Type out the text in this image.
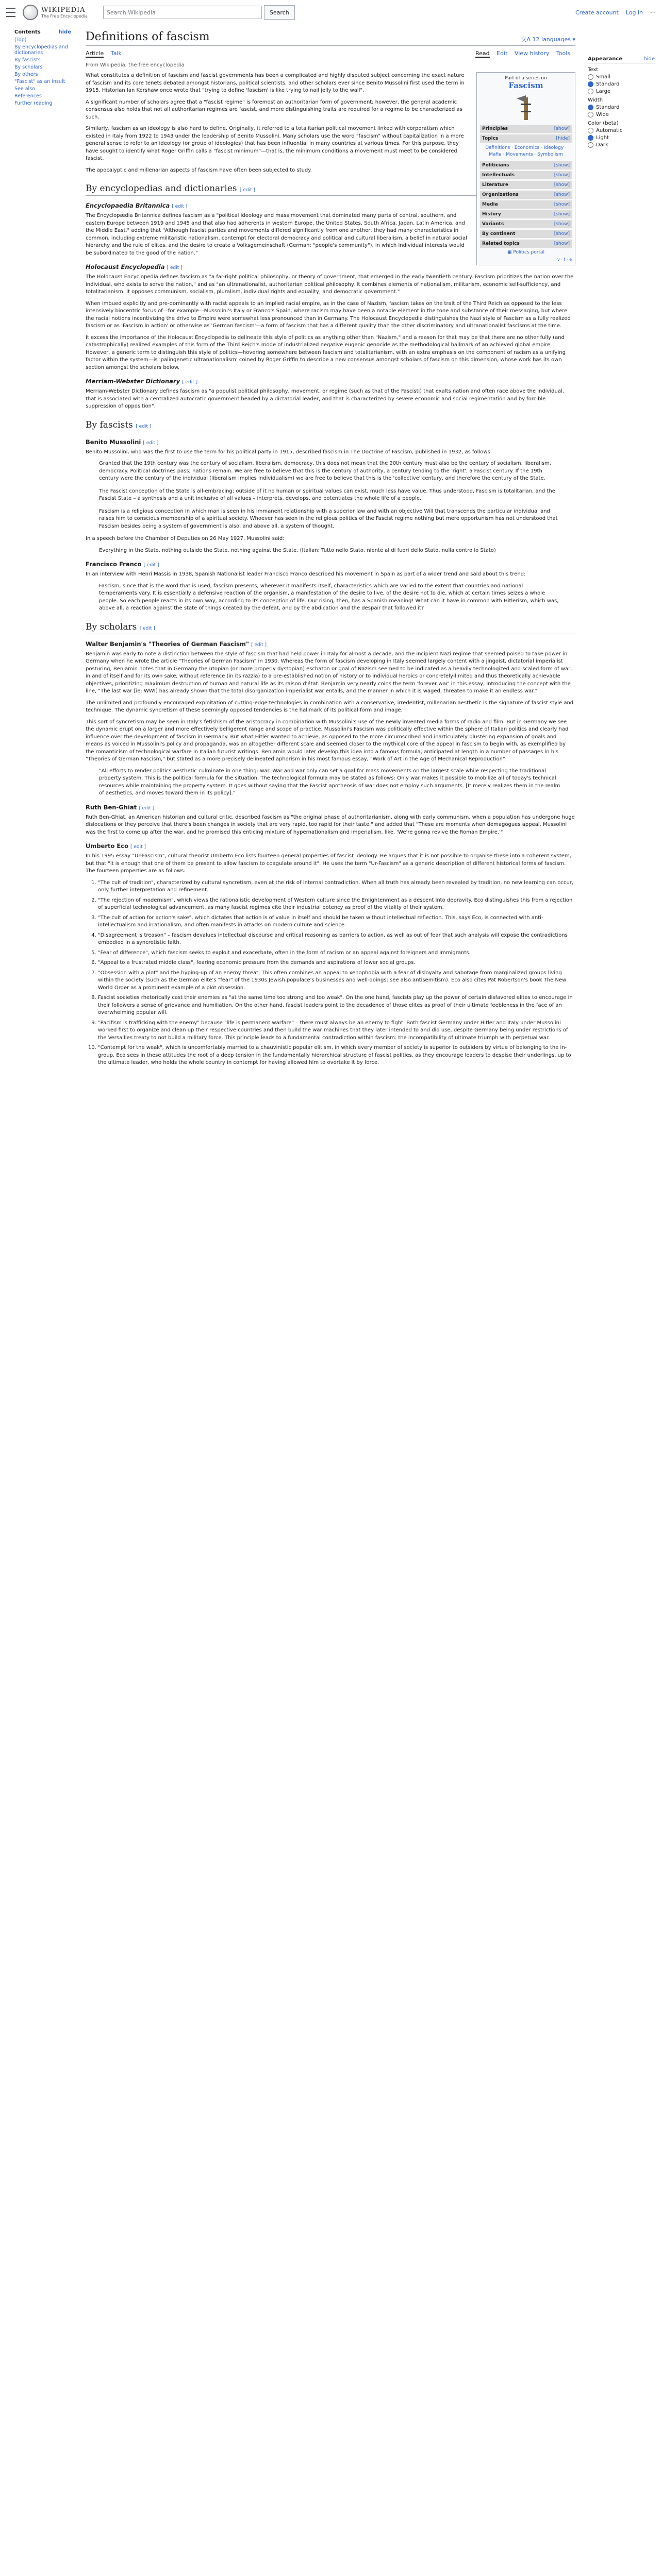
WIKIPEDIA
The Free Encyclopedia
Search Wikipedia	Search	Create account Log in ⋯
Contents	hide
(Top)
By encyclopedias and dictionaries
By fascists
By scholars
By others
"Fascist" as an insult
See also
References
Further reading
Definitions of fascism	文A 12 languages ▾
Article Talk	Read Edit View history Tools
From Wikipedia, the free encyclopedia
Part of a series on
Fascism
Principles	[show]
Topics	[hide]
Definitions · Economics · Ideology · Mafia · Movements · Symbolism
Politicians	[show]
Intellectuals	[show]
Literature	[show]
Organizations	[show]
Media	[show]
History	[show]
Variants	[show]
By continent	[show]
Related topics	[show]
▣ Politics portal
v · t · e

What constitutes a definition of fascism and fascist governments has been a complicated and highly disputed subject concerning the exact nature of fascism and its core tenets debated amongst historians, political scientists, and other scholars ever since Benito Mussolini first used the term in 1915. Historian Ian Kershaw once wrote that "trying to define 'fascism' is like trying to nail jelly to the wall".

A significant number of scholars agree that a "fascist regime" is foremost an authoritarian form of government; however, the general academic consensus also holds that not all authoritarian regimes are fascist, and more distinguishing traits are required for a regime to be characterized as such.

Similarly, fascism as an ideology is also hard to define. Originally, it referred to a totalitarian political movement linked with corporatism which existed in Italy from 1922 to 1943 under the leadership of Benito Mussolini. Many scholars use the word "fascism" without capitalization in a more general sense to refer to an ideology (or group of ideologies) that has been influential in many countries at various times. For this purpose, they have sought to identify what Roger Griffin calls a "fascist minimum"—that is, the minimum conditions a movement must meet to be considered fascist.

The apocalyptic and millenarian aspects of fascism have often been subjected to study.

By encyclopedias and dictionaries [ edit ]
Encyclopaedia Britannica [ edit ]

The Encyclopædia Britannica defines fascism as a "political ideology and mass movement that dominated many parts of central, southern, and eastern Europe between 1919 and 1945 and that also had adherents in western Europe, the United States, South Africa, Japan, Latin America, and the Middle East," adding that "Although fascist parties and movements differed significantly from one another, they had many characteristics in common, including extreme militaristic nationalism, contempt for electoral democracy and political and cultural liberalism, a belief in natural social hierarchy and the rule of elites, and the desire to create a Volksgemeinschaft (German: "people's community"), in which individual interests would be subordinated to the good of the nation."

Holocaust Encyclopedia [ edit ]

The Holocaust Encyclopedia defines fascism as "a far-right political philosophy, or theory of government, that emerged in the early twentieth century. Fascism prioritizes the nation over the individual, who exists to serve the nation," and as "an ultranationalist, authoritarian political philosophy. It combines elements of nationalism, militarism, economic self-sufficiency, and totalitarianism. It opposes communism, socialism, pluralism, individual rights and equality, and democratic government."

When imbued explicitly and pre-dominantly with racist appeals to an implied racial empire, as in the case of Nazism, fascism takes on the trait of the Third Reich as opposed to the less intensively biocentric focus of—for example—Mussolini's Italy or Franco's Spain, where racism may have been a notable element in the tone and substance of their messaging, but where the racial notions incentivizing the drive to Empire were somewhat less pronounced than in Germany. The Holocaust Encyclopedia distinguishes the Nazi style of Fascism as a fully realized fascism or as 'Fascism in action' or otherwise as 'German fascism'—a form of fascism that has a different quality than the other discriminatory and ultranationalist fascisms at the time.

It excess the importance of the Holocaust Encyclopedia to delineate this style of politics as anything other than "Nazism," and a reason for that may be that there are no other fully (and catastrophically) realized examples of this form of the Third Reich's mode of industrialized negative eugenic genocide as the methodological hallmark of an achieved global empire. However, a generic term to distinguish this style of politics—hovering somewhere between fascism and totalitarianism, with an extra emphasis on the component of racism as a unifying factor within the system—is 'palingenetic ultranationalism' coined by Roger Griffin to describe a new consensus amongst scholars of fascism on this dimension, whose work has its own section amongst the scholars below.

Merriam-Webster Dictionary [ edit ]

Merriam-Webster Dictionary defines fascism as "a populist political philosophy, movement, or regime (such as that of the Fascisti) that exalts nation and often race above the individual, that is associated with a centralized autocratic government headed by a dictatorial leader, and that is characterized by severe economic and social regimentation and by forcible suppression of opposition".

By fascists [ edit ]
Benito Mussolini [ edit ]

Benito Mussolini, who was the first to use the term for his political party in 1915, described fascism in The Doctrine of Fascism, published in 1932, as follows:

Granted that the 19th century was the century of socialism, liberalism, democracy, this does not mean that the 20th century must also be the century of socialism, liberalism, democracy. Political doctrines pass; nations remain. We are free to believe that this is the century of authority, a century tending to the 'right', a Fascist century. If the 19th century were the century of the individual (liberalism implies individualism) we are free to believe that this is the 'collective' century, and therefore the century of the State.
The Fascist conception of the State is all-embracing; outside of it no human or spiritual values can exist, much less have value. Thus understood, Fascism is totalitarian, and the Fascist State – a synthesis and a unit inclusive of all values – interprets, develops, and potentiates the whole life of a people.
Fascism is a religious conception in which man is seen in his immanent relationship with a superior law and with an objective Will that transcends the particular individual and raises him to conscious membership of a spiritual society. Whoever has seen in the religious politics of the Fascist regime nothing but mere opportunism has not understood that Fascism besides being a system of government is also, and above all, a system of thought.

In a speech before the Chamber of Deputies on 26 May 1927, Mussolini said:

Everything in the State, nothing outside the State, nothing against the State. (Italian: Tutto nello Stato, niente al di fuori dello Stato, nulla contro lo Stato)
Francisco Franco [ edit ]

In an interview with Henri Massis in 1938, Spanish Nationalist leader Francisco Franco described his movement in Spain as part of a wider trend and said about this trend:

Fascism, since that is the word that is used, fascism presents, wherever it manifests itself, characteristics which are varied to the extent that countries and national temperaments vary. It is essentially a defensive reaction of the organism, a manifestation of the desire to live, of the desire not to die, which at certain times seizes a whole people. So each people reacts in its own way, according to its conception of life. Our rising, then, has a Spanish meaning! What can it have in common with Hitlerism, which was, above all, a reaction against the state of things created by the defeat, and by the abdication and the despair that followed it?
By scholars [ edit ]
Walter Benjamin's "Theories of German Fascism" [ edit ]

Benjamin was early to note a distinction between the style of fascism that had held power in Italy for almost a decade, and the incipient Nazi regime that seemed poised to take power in Germany when he wrote the article "Theories of German Fascism" in 1930. Whereas the form of fascism developing in Italy seemed largely content with a jingoist, dictatorial imperialist posturing, Benjamin notes that in Germany the utopian (or more properly dystopian) eschaton or goal of Nazism seemed to be indicated as a heavily technologized and scaled form of war, in and of itself and for its own sake, without reference (in its razzia) to a pre-established notion of history or to individual heroics or concretely-limited and thus theoretically achievable objectives, prioritizing maximum destruction of human and natural life as its raison d'état. Benjamin very nearly coins the term 'forever war' in this essay, introducing the concept with the line, "The last war [ie: WWI] has already shown that the total disorganization imperialist war entails, and the manner in which it is waged, threaten to make it an endless war."

The unlimited and profoundly encouraged exploitation of cutting-edge technologies in combination with a conservative, irredentist, millenarian aesthetic is the signature of fascist style and technique. The dynamic syncretism of these seemingly opposed tendencies is the hallmark of its political form and image.

This sort of syncretism may be seen in Italy's fetishism of the aristocracy in combination with Mussolini's use of the newly invented media forms of radio and film. But in Germany we see the dynamic erupt on a larger and more effectively belligerent range and scope of practice. Mussolini's Fascism was politically effective within the sphere of Italian politics and clearly had influence over the development of fascism in Germany. But what Hitler wanted to achieve, as opposed to the more circumscribed and inarticulately blustering expansion of goals and means as voiced in Mussolini's policy and propaganda, was an altogether different scale and seemed closer to the mythical core of the appeal in fascism to begin with, as exemplified by the romanticism of technological warfare in Italian futurist writings. Benjamin would later develop this idea into a famous formula, anticipated at length in a number of passages in his "Theories of German Fascism," but stated as a more precisely delineated aphorism in his most famous essay, "Work of Art in the Age of Mechanical Reproduction":

"All efforts to render politics aesthetic culminate in one thing: war. War and war only can set a goal for mass movements on the largest scale while respecting the traditional property system. This is the political formula for the situation. The technological formula may be stated as follows: Only war makes it possible to mobilize all of today's technical resources while maintaining the property system. It goes without saying that the Fascist apotheosis of war does not employ such arguments. [It merely realizes them in the realm of aesthetics, and moves toward them in its policy]."
Ruth Ben-Ghiat [ edit ]

Ruth Ben-Ghiat, an American historian and cultural critic, described fascism as "the original phase of authoritarianism, along with early communism, when a population has undergone huge dislocations or they perceive that there's been changes in society that are very rapid, too rapid for their taste." and added that "These are moments when demagogues appeal. Mussolini was the first to come up after the war, and he promised this enticing mixture of hypernationalism and imperialism, like, 'We're gonna revive the Roman Empire.'"

Umberto Eco [ edit ]

In his 1995 essay "Ur-Fascism", cultural theorist Umberto Eco lists fourteen general properties of fascist ideology. He argues that it is not possible to organise these into a coherent system, but that "it is enough that one of them be present to allow fascism to coagulate around it". He uses the term "Ur-Fascism" as a generic description of different historical forms of fascism. The fourteen properties are as follows:

1. "The cult of tradition", characterized by cultural syncretism, even at the risk of internal contradiction. When all truth has already been revealed by tradition, no new learning can occur, only further interpretation and refinement.
2. "The rejection of modernism", which views the rationalistic development of Western culture since the Enlightenment as a descent into depravity. Eco distinguishes this from a rejection of superficial technological advancement, as many fascist regimes cite their industrial potency as proof of the vitality of their system.
3. "The cult of action for action's sake", which dictates that action is of value in itself and should be taken without intellectual reflection. This, says Eco, is connected with anti-intellectualism and irrationalism, and often manifests in attacks on modern culture and science.
4. "Disagreement is treason" – fascism devalues intellectual discourse and critical reasoning as barriers to action, as well as out of fear that such analysis will expose the contradictions embodied in a syncretistic faith.
5. "Fear of difference", which fascism seeks to exploit and exacerbate, often in the form of racism or an appeal against foreigners and immigrants.
6. "Appeal to a frustrated middle class", fearing economic pressure from the demands and aspirations of lower social groups.
7. "Obsession with a plot" and the hyping-up of an enemy threat. This often combines an appeal to xenophobia with a fear of disloyalty and sabotage from marginalized groups living within the society (such as the German elite's "fear" of the 1930s Jewish populace's businesses and well-doings; see also antisemitism). Eco also cites Pat Robertson's book The New World Order as a prominent example of a plot obsession.
8. Fascist societies rhetorically cast their enemies as "at the same time too strong and too weak". On the one hand, fascists play up the power of certain disfavored elites to encourage in their followers a sense of grievance and humiliation. On the other hand, fascist leaders point to the decadence of those elites as proof of their ultimate feebleness in the face of an overwhelming popular will.
9. "Pacifism is trafficking with the enemy" because "life is permanent warfare" – there must always be an enemy to fight. Both fascist Germany under Hitler and Italy under Mussolini worked first to organize and clean up their respective countries and then build the war machines that they later intended to and did use, despite Germany being under restrictions of the Versailles treaty to not build a military force. This principle leads to a fundamental contradiction within fascism: the incompatibility of ultimate triumph with perpetual war.
10. "Contempt for the weak", which is uncomfortably married to a chauvinistic popular elitism, in which every member of society is superior to outsiders by virtue of belonging to the in-group. Eco sees in these attitudes the root of a deep tension in the fundamentally hierarchical structure of fascist polities, as they encourage leaders to despise their underlings, up to the ultimate leader, who holds the whole country in contempt for having allowed him to overtake it by force.
Appearance	hide
Text
Small
Standard
Large
Width
Standard
Wide
Color (beta)
Automatic
Light
Dark
